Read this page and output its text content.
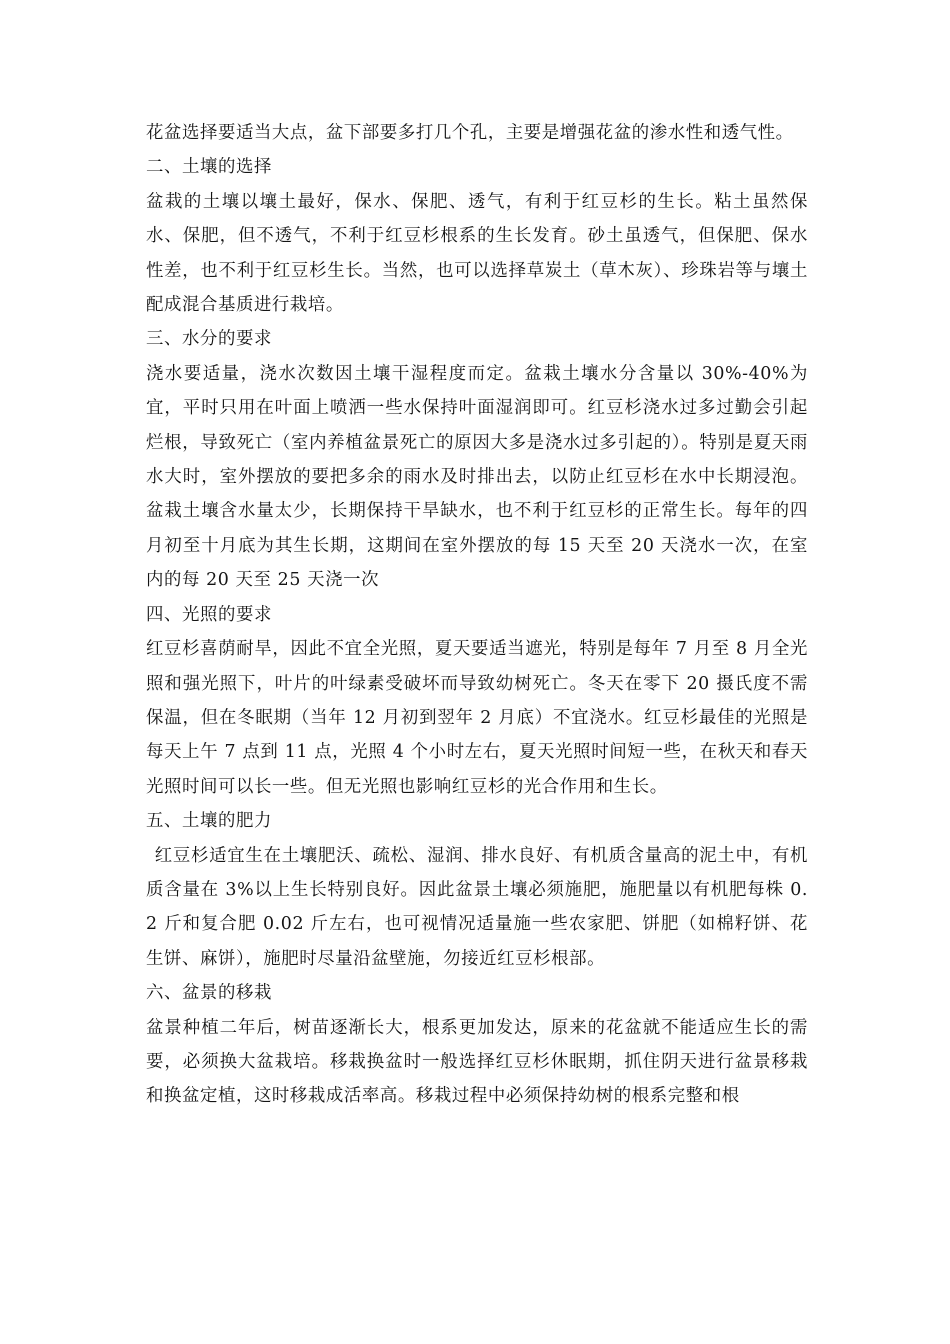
花盆选择要适当大点，盆下部要多打几个孔，主要是增强花盆的渗水性和透气性。

二、土壤的选择

盆栽的土壤以壤土最好，保水、保肥、透气，有利于红豆杉的生长。粘土虽然保水、保肥，但不透气，不利于红豆杉根系的生长发育。砂土虽透气，但保肥、保水性差，也不利于红豆杉生长。当然，也可以选择草炭土（草木灰）、珍珠岩等与壤土配成混合基质进行栽培。

三、水分的要求

浇水要适量，浇水次数因土壤干湿程度而定。盆栽土壤水分含量以 30%-40%为宜，平时只用在叶面上喷洒一些水保持叶面湿润即可。红豆杉浇水过多过勤会引起烂根，导致死亡（室内养植盆景死亡的原因大多是浇水过多引起的）。特别是夏天雨水大时，室外摆放的要把多余的雨水及时排出去，以防止红豆杉在水中长期浸泡。盆栽土壤含水量太少，长期保持干旱缺水，也不利于红豆杉的正常生长。每年的四月初至十月底为其生长期，这期间在室外摆放的每 15 天至 20 天浇水一次，在室内的每 20 天至 25 天浇一次

四、光照的要求

红豆杉喜荫耐旱，因此不宜全光照，夏天要适当遮光，特别是每年 7 月至 8 月全光照和强光照下，叶片的叶绿素受破坏而导致幼树死亡。冬天在零下 20 摄氏度不需保温，但在冬眠期（当年 12 月初到翌年 2 月底）不宜浇水。红豆杉最佳的光照是每天上午 7 点到 11 点，光照 4 个小时左右，夏天光照时间短一些，在秋天和春天光照时间可以长一些。但无光照也影响红豆杉的光合作用和生长。

五、土壤的肥力

红豆杉适宜生在土壤肥沃、疏松、湿润、排水良好、有机质含量高的泥土中，有机质含量在 3%以上生长特别良好。因此盆景土壤必须施肥，施肥量以有机肥每株 0.2 斤和复合肥 0.02 斤左右，也可视情况适量施一些农家肥、饼肥（如棉籽饼、花生饼、麻饼），施肥时尽量沿盆壁施，勿接近红豆杉根部。

六、盆景的移栽

盆景种植二年后，树苗逐渐长大，根系更加发达，原来的花盆就不能适应生长的需要，必须换大盆栽培。移栽换盆时一般选择红豆杉休眠期，抓住阴天进行盆景移栽和换盆定植，这时移栽成活率高。移栽过程中必须保持幼树的根系完整和根
